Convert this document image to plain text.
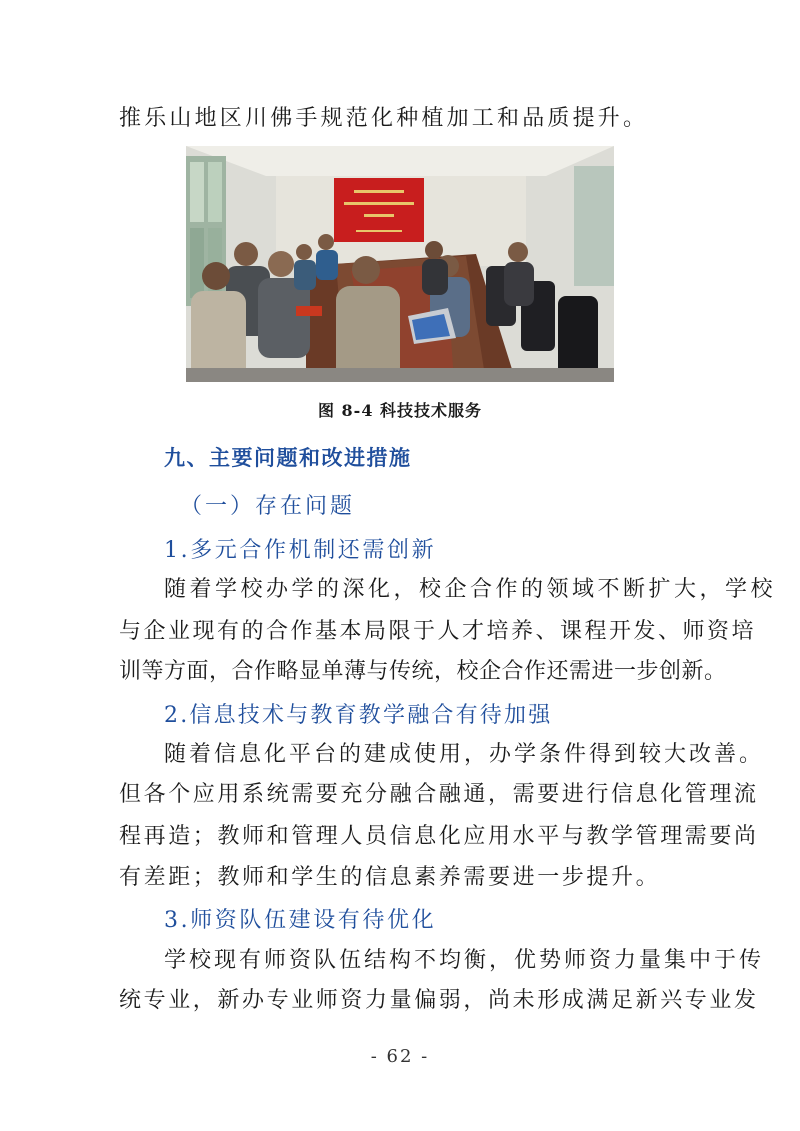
推乐山地区川佛手规范化种植加工和品质提升。
图 8-4 科技技术服务
九、主要问题和改进措施
（一）存在问题
1.多元合作机制还需创新
随着学校办学的深化，校企合作的领域不断扩大，学校
与企业现有的合作基本局限于人才培养、课程开发、师资培
训等方面，合作略显单薄与传统，校企合作还需进一步创新。
2.信息技术与教育教学融合有待加强
随着信息化平台的建成使用，办学条件得到较大改善。
但各个应用系统需要充分融合融通，需要进行信息化管理流
程再造；教师和管理人员信息化应用水平与教学管理需要尚
有差距；教师和学生的信息素养需要进一步提升。
3.师资队伍建设有待优化
学校现有师资队伍结构不均衡，优势师资力量集中于传
统专业，新办专业师资力量偏弱，尚未形成满足新兴专业发
- 62 -
